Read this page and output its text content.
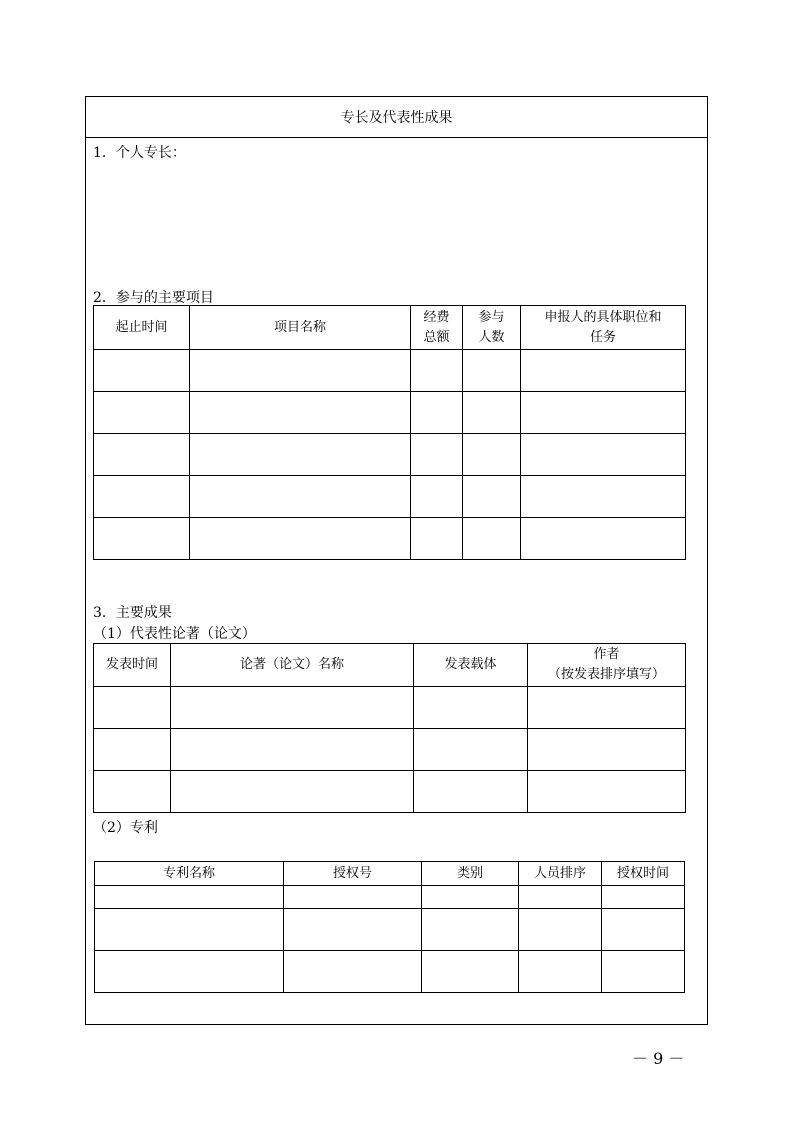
专长及代表性成果
1．个人专长：
2．参与的主要项目
起止时间	项目名称	经费总额	参与人数	申报人的具体职位和任务

3．主要成果
（1）代表性论著（论文）
发表时间	论著（论文）名称	发表载体	作者
（按发表排序填写）

（2）专利
专利名称	授权号	类别	人员排序	授权时间

－ 9 －
